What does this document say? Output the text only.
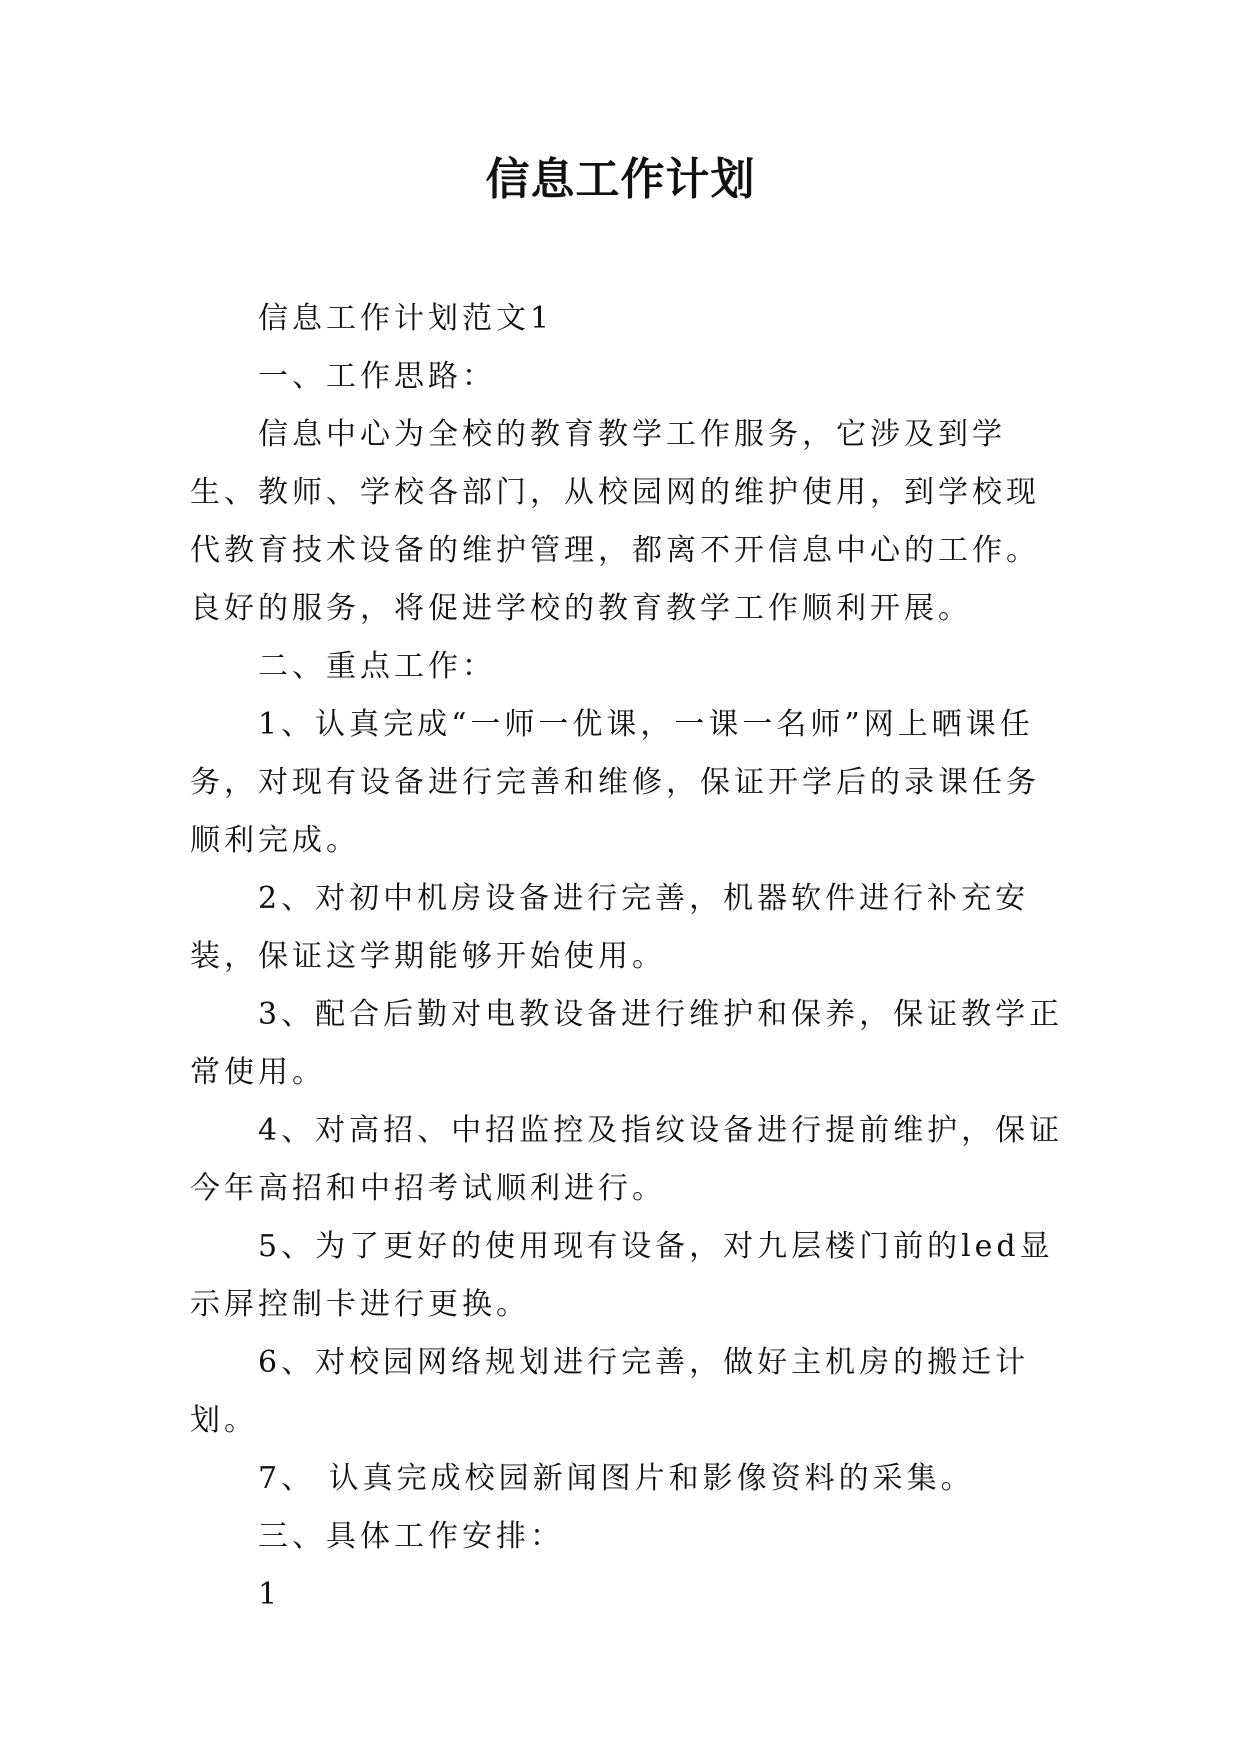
信息工作计划

信息工作计划范文1

一、工作思路：

信息中心为全校的教育教学工作服务，它涉及到学生、教师、学校各部门，从校园网的维护使用，到学校现代教育技术设备的维护管理，都离不开信息中心的工作。良好的服务，将促进学校的教育教学工作顺利开展。

二、重点工作：

1、认真完成“一师一优课，一课一名师”网上晒课任务，对现有设备进行完善和维修，保证开学后的录课任务顺利完成。

2、对初中机房设备进行完善，机器软件进行补充安装，保证这学期能够开始使用。

3、配合后勤对电教设备进行维护和保养，保证教学正常使用。

4、对高招、中招监控及指纹设备进行提前维护，保证今年高招和中招考试顺利进行。

5、为了更好的使用现有设备，对九层楼门前的led显示屏控制卡进行更换。

6、对校园网络规划进行完善，做好主机房的搬迁计划。

7、 认真完成校园新闻图片和影像资料的采集。

三、具体工作安排：

1
